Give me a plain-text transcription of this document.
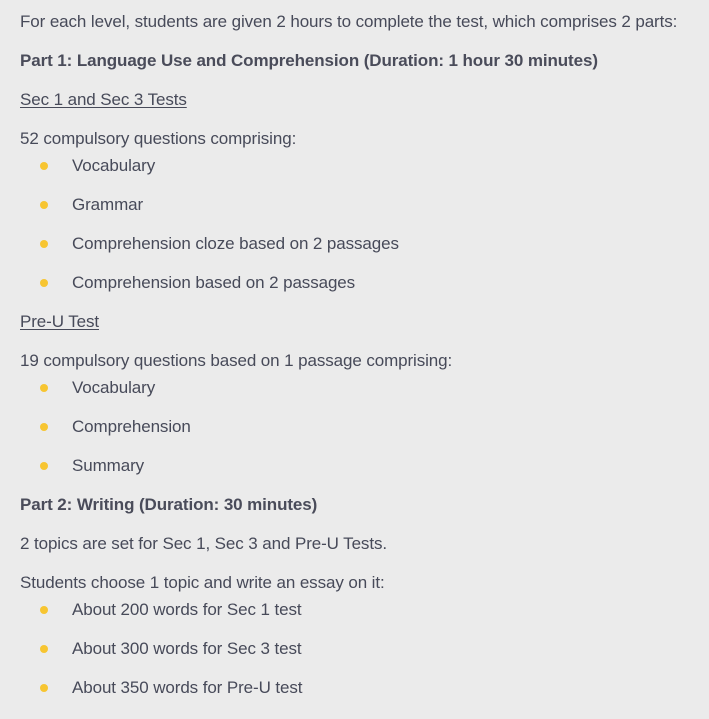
For each level, students are given 2 hours to complete the test, which comprises 2 parts:

Part 1: Language Use and Comprehension (Duration: 1 hour 30 minutes)

Sec 1 and Sec 3 Tests

52 compulsory questions comprising:

Vocabulary
Grammar
Comprehension cloze based on 2 passages
Comprehension based on 2 passages

Pre-U Test

19 compulsory questions based on 1 passage comprising:

Vocabulary
Comprehension
Summary

Part 2: Writing (Duration: 30 minutes)

2 topics are set for Sec 1, Sec 3 and Pre-U Tests.

Students choose 1 topic and write an essay on it:

About 200 words for Sec 1 test
About 300 words for Sec 3 test
About 350 words for Pre-U test
